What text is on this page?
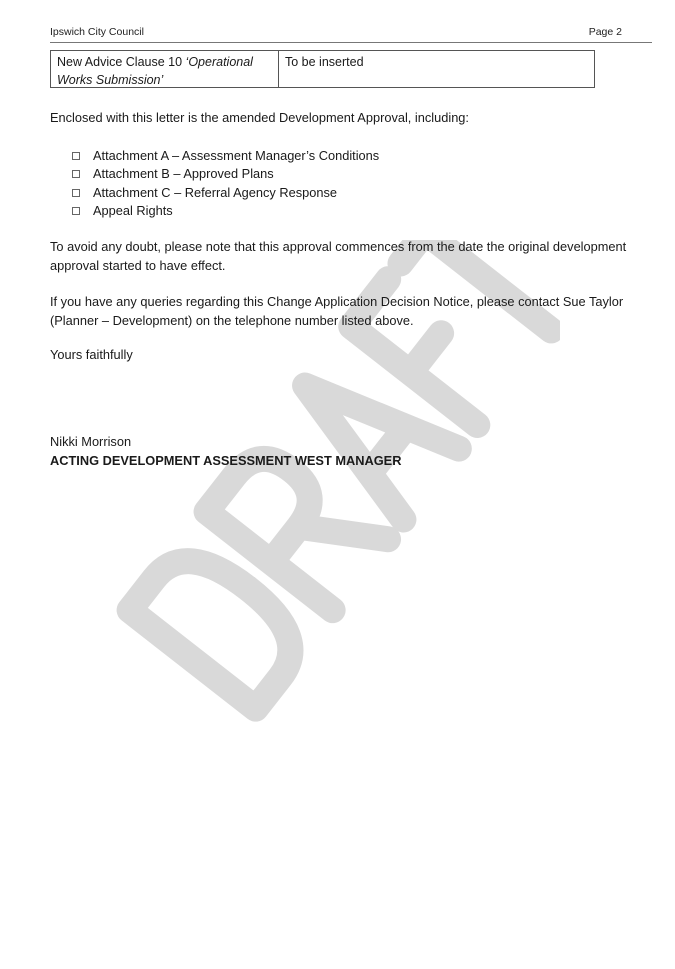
Ipswich City Council	Page 2
New Advice Clause 10 ‘Operational
Works Submission’
To be inserted
Enclosed with this letter is the amended Development Approval, including:
Attachment A – Assessment Manager’s Conditions
Attachment B – Approved Plans
Attachment C – Referral Agency Response
Appeal Rights
To avoid any doubt, please note that this approval commences from the date the original development
approval started to have effect.
If you have any queries regarding this Change Application Decision Notice, please contact Sue Taylor
(Planner – Development) on the telephone number listed above.
Yours faithfully
Nikki Morrison
ACTING DEVELOPMENT ASSESSMENT WEST MANAGER
